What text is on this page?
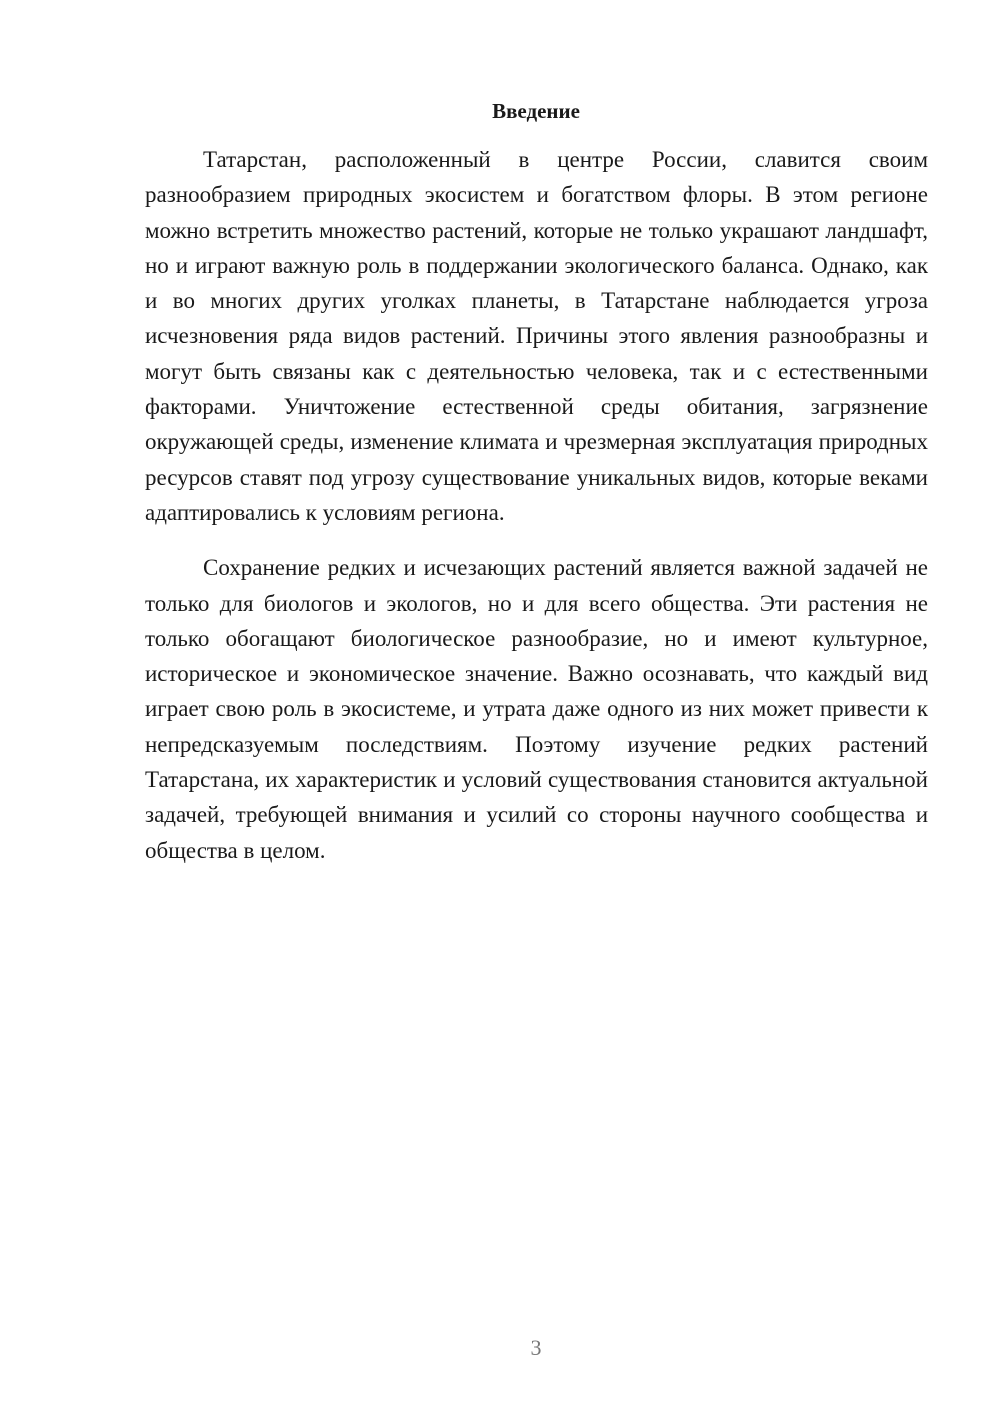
Введение

Татарстан, расположенный в центре России, славится своим разнообразием природных экосистем и богатством флоры. В этом регионе можно встретить множество растений, которые не только украшают ландшафт, но и играют важную роль в поддержании экологического баланса. Однако, как и во многих других уголках планеты, в Татарстане наблюдается угроза исчезновения ряда видов растений. Причины этого явления разнообразны и могут быть связаны как с деятельностью человека, так и с естественными факторами. Уничтожение естественной среды обитания, загрязнение окружающей среды, изменение климата и чрезмерная эксплуатация природных ресурсов ставят под угрозу существование уникальных видов, которые веками адаптировались к условиям региона.

Сохранение редких и исчезающих растений является важной задачей не только для биологов и экологов, но и для всего общества. Эти растения не только обогащают биологическое разнообразие, но и имеют культурное, историческое и экономическое значение. Важно осознавать, что каждый вид играет свою роль в экосистеме, и утрата даже одного из них может привести к непредсказуемым последствиям. Поэтому изучение редких растений Татарстана, их характеристик и условий существования становится актуальной задачей, требующей внимания и усилий со стороны научного сообщества и общества в целом.

3
